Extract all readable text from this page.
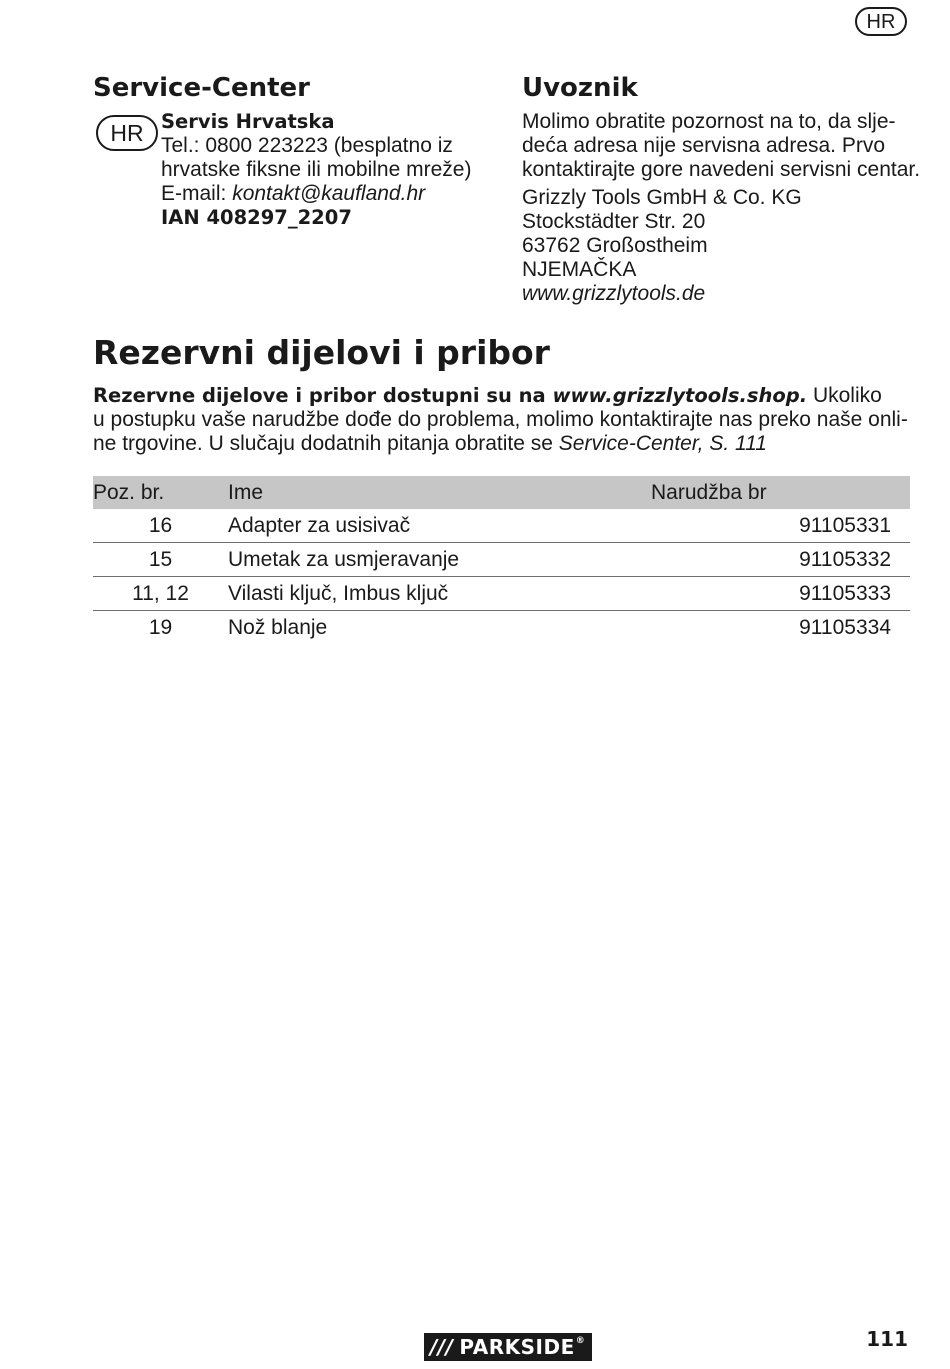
HR
Service-Center
HR Servis Hrvatska
Tel.: 0800 223223 (besplatno iz
hrvatske fiksne ili mobilne mreže)
E-mail: kontakt@kaufland.hr
IAN 408297_2207
Uvoznik
Molimo obratite pozornost na to, da slje-
deća adresa nije servisna adresa. Prvo
kontaktirajte gore navedeni servisni centar.
Grizzly Tools GmbH & Co. KG
Stockstädter Str. 20
63762 Großostheim
NJEMAČKA
www.grizzlytools.de
Rezervni dijelovi i pribor
Rezervne dijelove i pribor dostupni su na www.grizzlytools.shop. Ukoliko
u postupku vaše narudžbe dođe do problema, molimo kontaktirajte nas preko naše onli-
ne trgovine. U slučaju dodatnih pitanja obratite se Service-Center, S. 111
Poz. br.	Ime	Narudžba br
16	Adapter za usisivač	91105331
15	Umetak za usmjeravanje	91105332
11, 12	Vilasti ključ, Imbus ključ	91105333
19	Nož blanje	91105334
/// PARKSIDE ®	111
